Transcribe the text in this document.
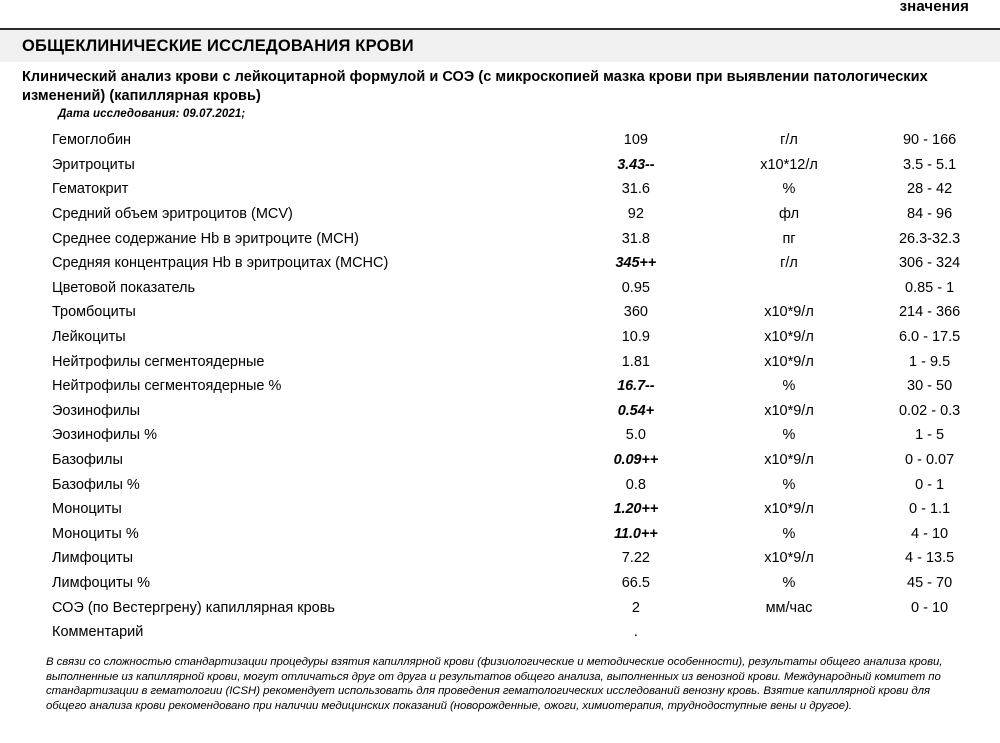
значения
ОБЩЕКЛИНИЧЕСКИЕ ИССЛЕДОВАНИЯ КРОВИ
Клинический анализ крови с лейкоцитарной формулой и СОЭ (с микроскопией мазка крови при выявлении патологических изменений) (капиллярная кровь)
Дата исследования: 09.07.2021;
Гемоглобин	109	г/л	90 - 166
Эритроциты	3.43--	x10*12/л	3.5 - 5.1
Гематокрит	31.6	%	28 - 42
Средний объем эритроцитов (MCV)	92	фл	84 - 96
Среднее содержание Hb в эритроците (MCH)	31.8	пг	26.3-32.3
Средняя концентрация Hb в эритроцитах (MCHC)	345++	г/л	306 - 324
Цветовой показатель	0.95		0.85 - 1
Тромбоциты	360	x10*9/л	214 - 366
Лейкоциты	10.9	x10*9/л	6.0 - 17.5
Нейтрофилы сегментоядерные	1.81	x10*9/л	1 - 9.5
Нейтрофилы сегментоядерные %	16.7--	%	30 - 50
Эозинофилы	0.54+	x10*9/л	0.02 - 0.3
Эозинофилы %	5.0	%	1 - 5
Базофилы	0.09++	x10*9/л	0 - 0.07
Базофилы %	0.8	%	0 - 1
Моноциты	1.20++	x10*9/л	0 - 1.1
Моноциты %	11.0++	%	4 - 10
Лимфоциты	7.22	x10*9/л	4 - 13.5
Лимфоциты %	66.5	%	45 - 70
СОЭ (по Вестергрену) капиллярная кровь	2	мм/час	0 - 10
Комментарий	.		
В связи со сложностью стандартизации процедуры взятия капиллярной крови (физиологические и методические особенности), результаты общего анализа крови, выполненные из капиллярной крови, могут отличаться друг от друга и результатов общего анализа, выполненных из венозной крови. Международный комитет по стандартизации в гематологии (ICSH) рекомендует использовать для проведения гематологических исследований венозну кровь. Взятие капиллярной крови для общего анализа крови рекомендовано при наличии медицинских показаний (новорожденные, ожоги, химиотерапия, труднодоступные вены и другое).
